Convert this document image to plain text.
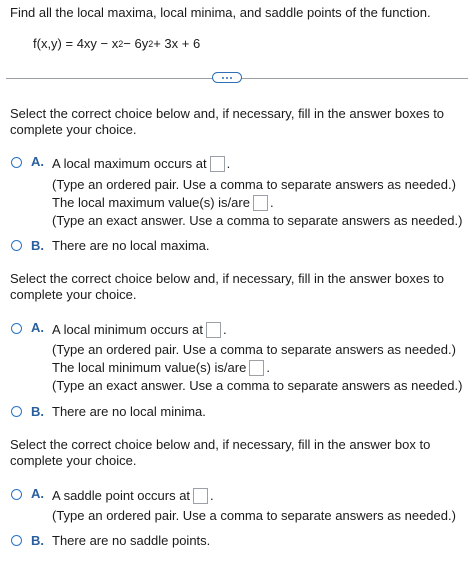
Find all the local maxima, local minima, and saddle points of the function.
$f(x,y) = 4xy - x^2 - 6y^2 + 3x + 6$
Select the correct choice below and, if necessary, fill in the answer boxes to complete your choice.
A. A local maximum occurs at .
(Type an ordered pair. Use a comma to separate answers as needed.)
The local maximum value(s) is/are .
(Type an exact answer. Use a comma to separate answers as needed.)
B. There are no local maxima.
Select the correct choice below and, if necessary, fill in the answer boxes to complete your choice.
A. A local minimum occurs at .
(Type an ordered pair. Use a comma to separate answers as needed.)
The local minimum value(s) is/are .
(Type an exact answer. Use a comma to separate answers as needed.)
B. There are no local minima.
Select the correct choice below and, if necessary, fill in the answer box to complete your choice.
A. A saddle point occurs at .
(Type an ordered pair. Use a comma to separate answers as needed.)
B. There are no saddle points.
